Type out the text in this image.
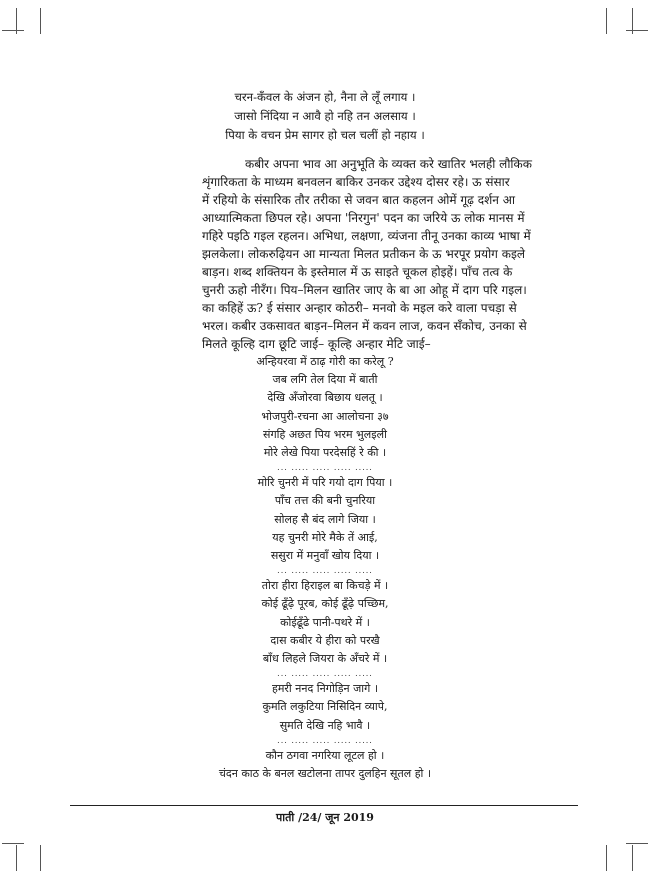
चरन-कँवल के अंजन हो, नैना ले लूँ लगाय ।
जासो निंदिया न आवै हो नहि तन अलसाय ।
पिया के वचन प्रेम सागर हो चल चलीं हो नहाय ।
कबीर अपना भाव आ अनुभूति के व्यक्त करे खातिर भलही लौकिक
शृंगारिकता के माध्यम बनवलन बाकिर उनकर उद्देश्य दोसर रहे। ऊ संसार
में रहियो के संसारिक तौर तरीका से जवन बात कहलन ओमें गूढ़ दर्शन आ
आध्यात्मिकता छिपल रहे। अपना 'निरगुन' पदन का जरिये ऊ लोक मानस में
गहिरे पइठि गइल रहलन। अभिधा, लक्षणा, व्यंजना तीनू उनका काव्य भाषा में
झलकेला। लोकरुढ़ियन आ मान्यता मिलत प्रतीकन के ऊ भरपूर प्रयोग कइले
बाड़न। शब्द शक्तियन के इस्तेमाल में ऊ साइते चूकल होइहें। पाँच तत्व के
चुनरी ऊहो नीरँग। पिय–मिलन खातिर जाए के बा आ ओहू में दाग परि गइल।
का कहिहें ऊ? ई संसार अन्हार कोठरी– मनवो के मइल करे वाला पचड़ा से
भरल। कबीर उकसावत बाड़न–मिलन में कवन लाज, कवन सँकोच, उनका से
मिलते कूल्हि दाग छूटि जाई– कूल्हि अन्हार मेटि जाई–
अन्हियरवा में ठाढ़ गोरी का करेलू ?
जब लगि तेल दिया में बाती
देखि अँजोरवा बिछाय धलतू ।
भोजपुरी-रचना आ आलोचना ३७
संगहि अछत पिय भरम भुलइली
मोरे लेखे पिया परदेसहिं रे की ।
... ..... ..... ..... .....
मोरि चुनरी में परि गयो दाग पिया ।
पाँच तत्त की बनी चुनरिया
सोलह सै बंद लागे जिया ।
यह चुनरी मोरे मैके तें आई,
ससुरा में मनुवाँ खोय दिया ।
... ..... ..... ..... .....
तोरा हीरा हिराइल बा किचड़े में ।
कोई ढूँढ़े पूरब, कोई ढूँढ़े पच्छिम,
कोईढूँढे पानी-पथरे में ।
दास कबीर ये हीरा को परखै
बाँध लिहले जियरा के अँचरे में ।
... ..... ..... ..... .....
हमरी ननद निगोड़िन जागे ।
कुमति लकुटिया निसिदिन व्यापे,
सुमति देखि नहि भावै ।
... ..... ..... ..... .....
कौन ठगवा नगरिया लूटल हो ।
चंदन काठ के बनल खटोलना तापर दुलहिन सूतल हो ।
पाती /24/ जून 2019
